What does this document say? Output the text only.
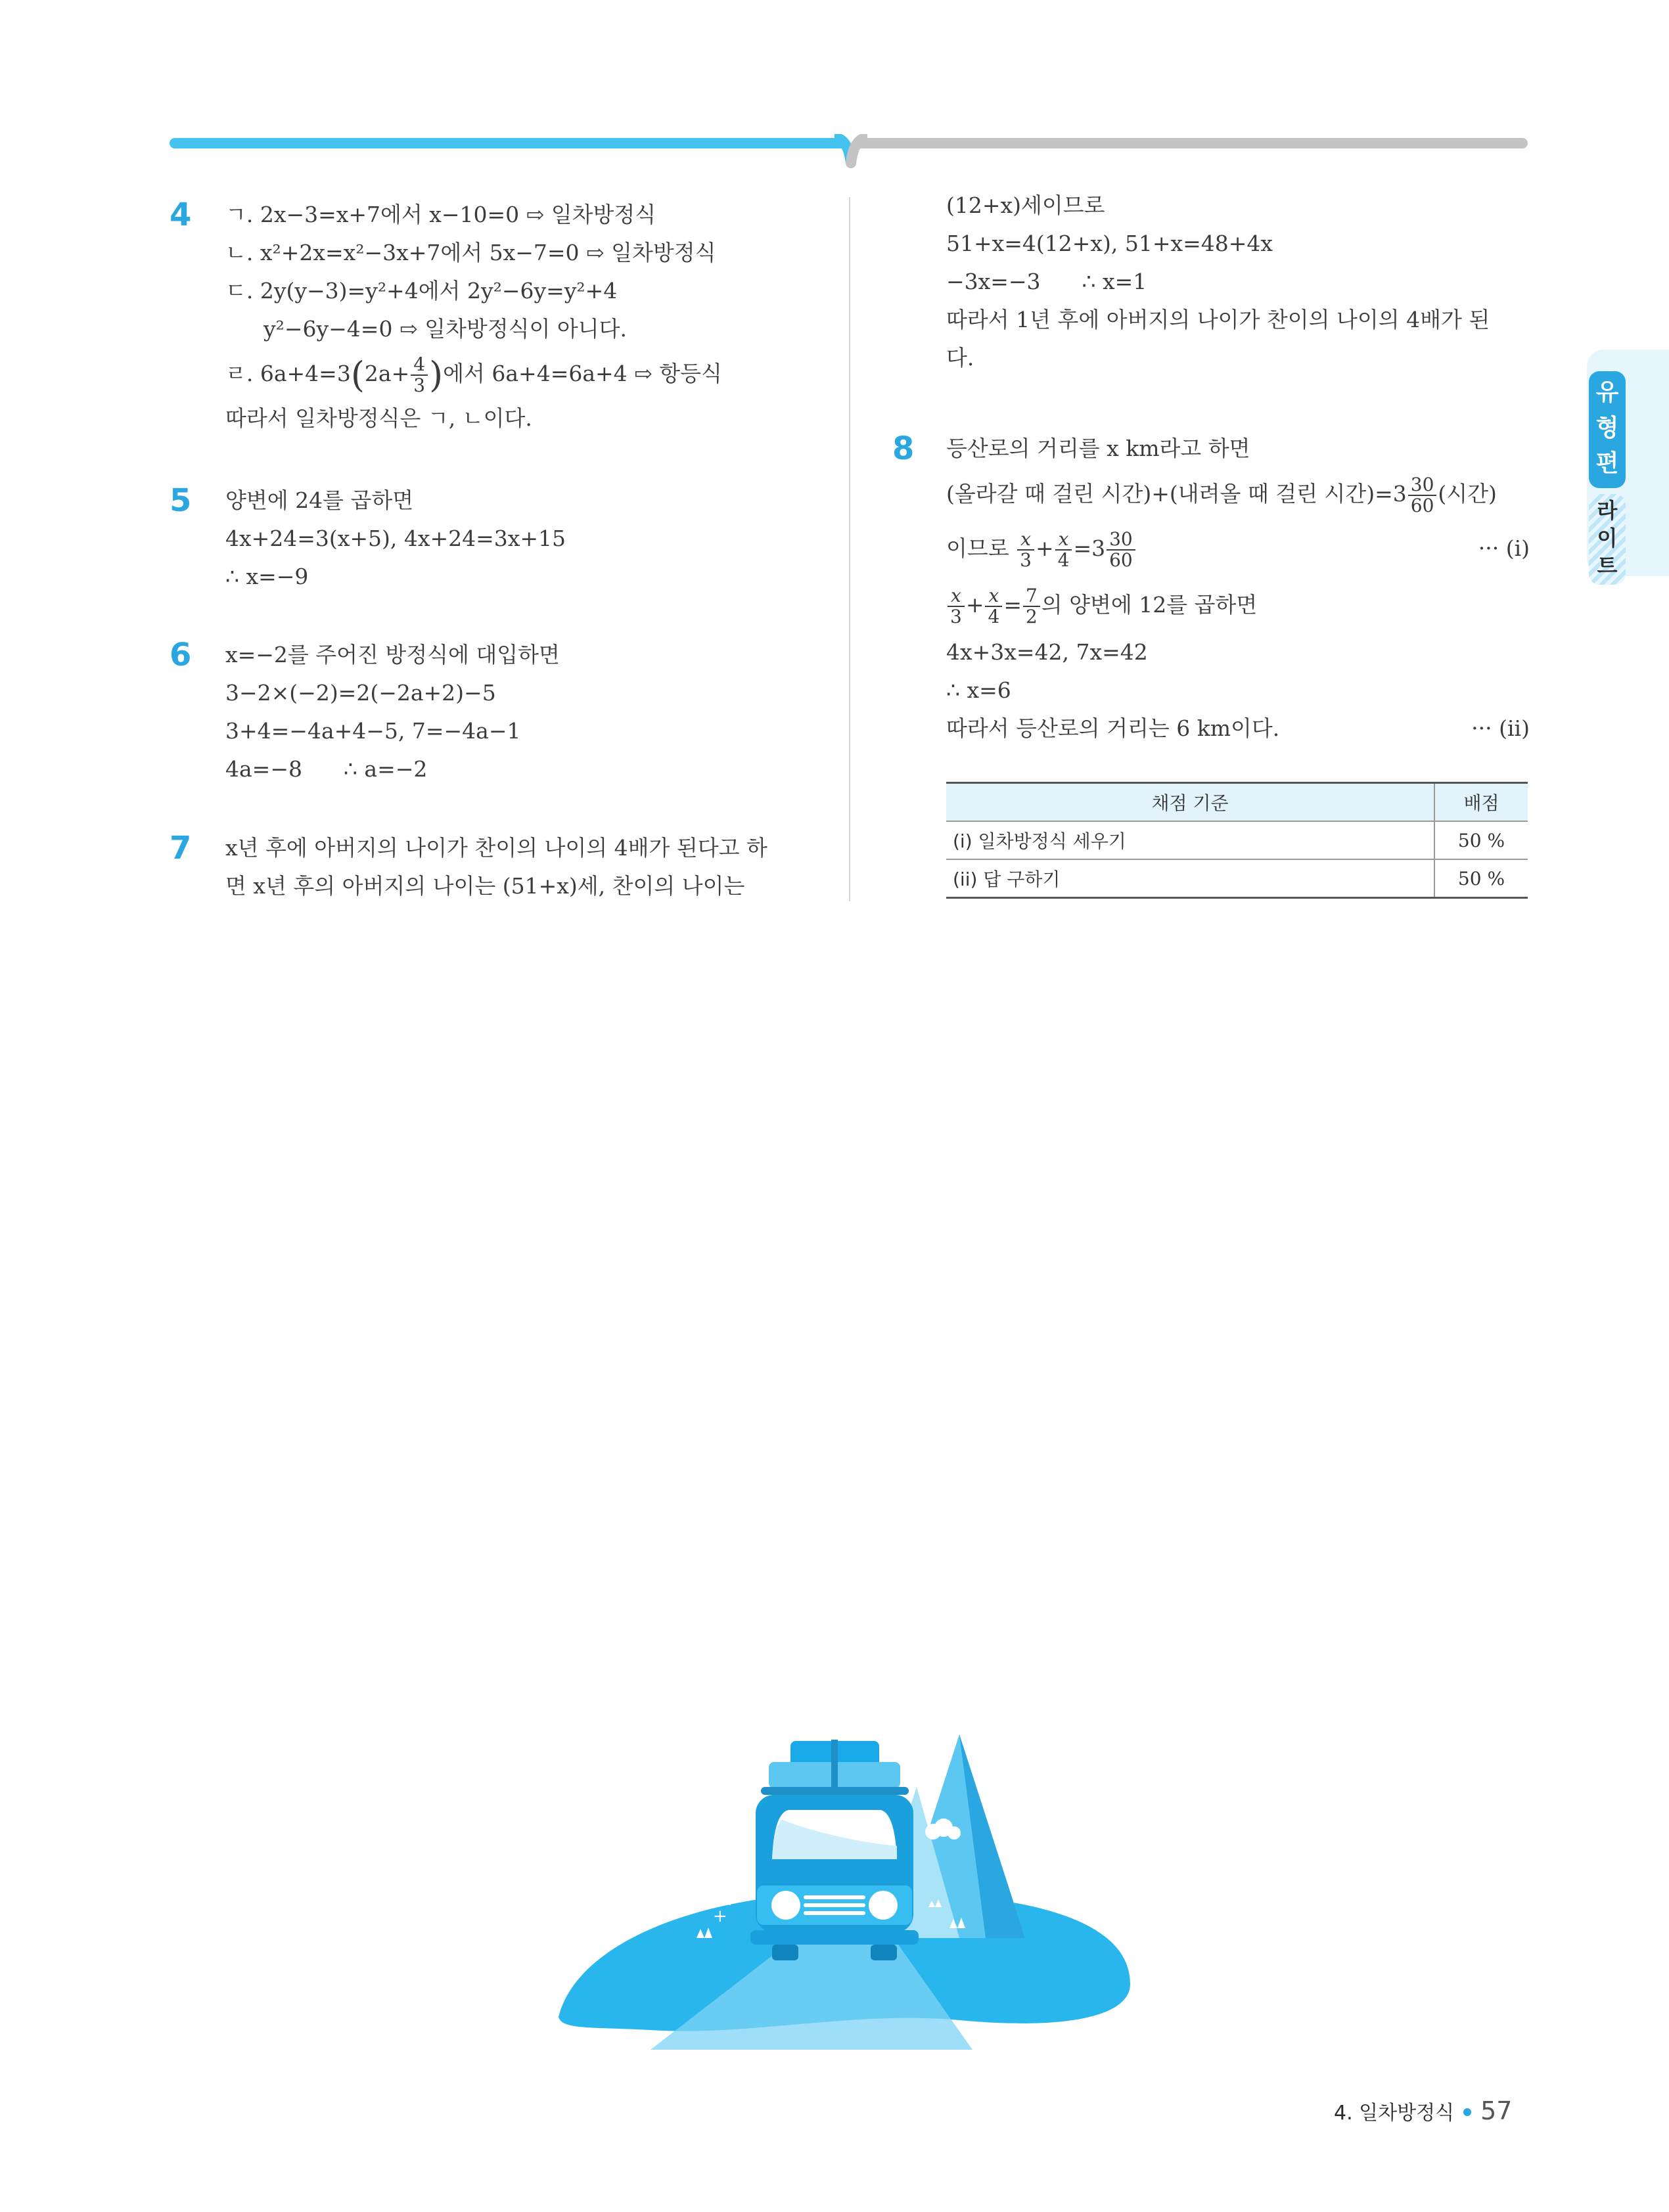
4 ㄱ. 2x−3=x+7에서 x−10=0 ⇨ 일차방정식
ㄴ. x²+2x=x²−3x+7에서 5x−7=0 ⇨ 일차방정식
ㄷ. 2y(y−3)=y²+4에서 2y²−6y=y²+4
y²−6y−4=0 ⇨ 일차방정식이 아니다.
ㄹ. $6a+4=3(2a+ \frac{4}{3}$ )에서 6a+4=6a+4 ⇨ 항등식
따라서 일차방정식은 ㄱ, ㄴ이다.
5 양변에 24를 곱하면
4x+24=3(x+5), 4x+24=3x+15
∴ x=−9
6 x=−2를 주어진 방정식에 대입하면
3−2×(−2)=2(−2a+2)−5
3+4=−4a+4−5, 7=−4a−1
4a=−8      ∴ a=−2
7 x년 후에 아버지의 나이가 찬이의 나이의 4배가 된다고 하
면 x년 후의 아버지의 나이는 (51+x)세, 찬이의 나이는
(12+x)세이므로
51+x=4(12+x), 51+x=48+4x
−3x=−3      ∴ x=1
따라서 1년 후에 아버지의 나이가 찬이의 나이의 4배가 된
다.
8 등산로의 거리를 x km라고 하면
(올라갈 때 걸린 시간)+(내려올 때 걸린 시간)$=3 \frac{30}{60}$ (시간)
이므로 $\frac{x}{3} + \frac{x}{4} =3 \frac{30}{60}$	··· (i)
$\frac{x}{3} + \frac{x}{4} = \frac{7}{2}$ 의 양변에 12를 곱하면
4x+3x=42, 7x=42
∴ x=6
따라서 등산로의 거리는 6 km이다.	··· (ii)
채점 기준	배점
(i) 일차방정식 세우기	50 %
(ii) 답 구하기	50 %
유
형
편
라
이
트
+ +
+
4. 일차방정식 57
